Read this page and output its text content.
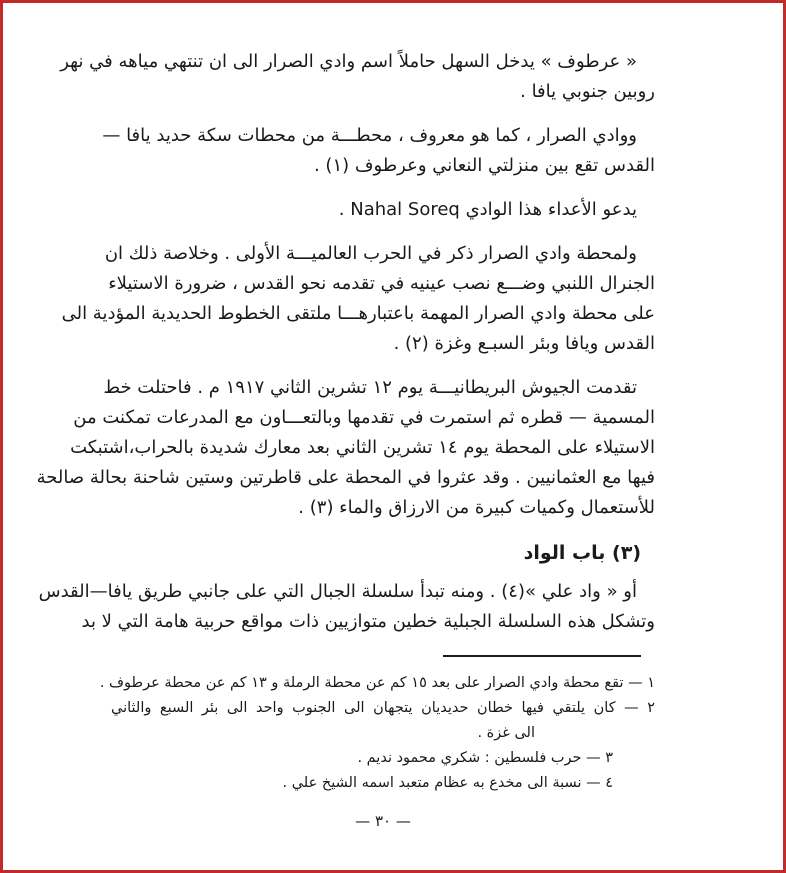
« عرطوف » يدخل السهل حاملاً اسم وادي الصرار الى ان تنتهي مياهه في نهر
روبين جنوبي يافا .
ووادي الصرار ، كما هو معروف ، محطـــة من محطات سكة حديد يافا —
القدس تقع بين منزلتي النعاني وعرطوف (١) .
يدعو الأعداء هذا الوادي Nahal Soreq .
ولمحطة وادي الصرار ذكر في الحرب العالميـــة الأولى . وخلاصة ذلك ان
الجنرال اللنبي وضـــع نصب عينيه في تقدمه نحو القدس ، ضرورة الاستيلاء
على محطة وادي الصرار المهمة باعتبارهـــا ملتقى الخطوط الحديدية المؤدية الى
القدس ويافا وبئر السبـع وغزة (٢) .
تقدمت الجيوش البريطانيـــة يوم ١٢ تشرين الثاني ١٩١٧ م . فاحتلت خط
المسمية — قطره ثم استمرت في تقدمها وبالتعـــاون مع المدرعات تمكنت من
الاستيلاء على المحطة يوم ١٤ تشرين الثاني بعد معارك شديدة بالحراب،اشتبكت
فيها مع العثمانيين . وقد عثروا في المحطة على قاطرتين وستين شاحنة بحالة صالحة
للأستعمال وكميات كبيرة من الارزاق والماء (٣) .
(٣) باب الواد
أو « واد علي »(٤) . ومنه تبدأ سلسلة الجبال التي على جانبي طريق يافا—القدس
وتشكل هذه السلسلة الجبلية خطين متوازيين ذات مواقع حربية هامة التي لا بد
١ — تقع محطة وادي الصرار على بعد ١٥ كم عن محطة الرملة و ١٣ كم عن محطة عرطوف .
٢ — كان يلتقي فيها خطان حديديان يتجهان الى الجنوب واحد الى بئر السبع والثاني
الى غزة .
٣ — حرب فلسطين : شكري محمود نديم .
٤ — نسبة الى مخدع به عظام متعبد اسمه الشيخ علي .
— ٣٠ —
